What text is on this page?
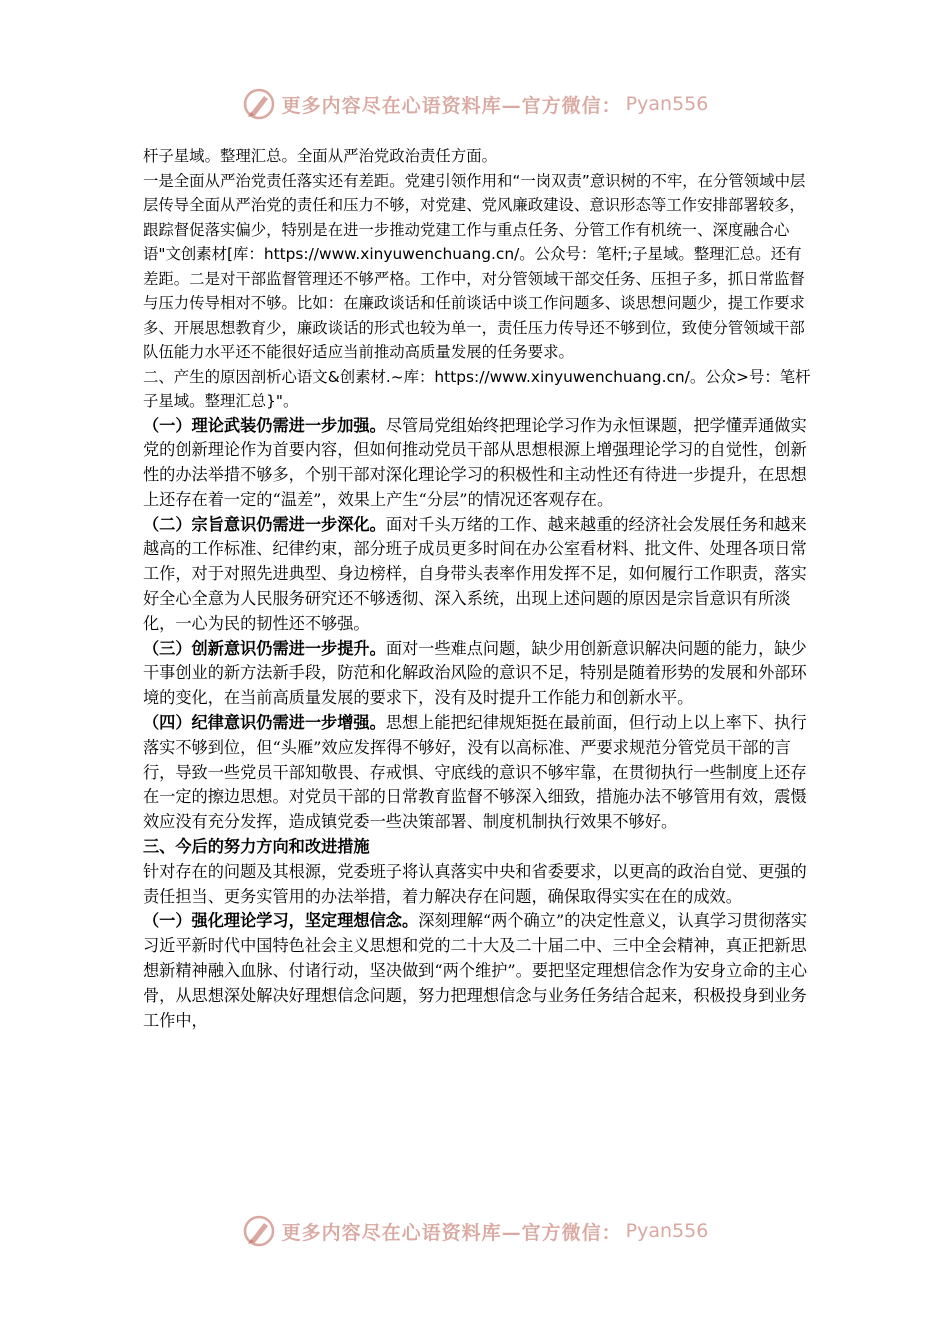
更多内容尽在心语资料库—官方微信： Pyan556

杆子星域。整理汇总。全面从严治党政治责任方面。

一是全面从严治党责任落实还有差距。党建引领作用和“一岗双责”意识树的不牢，在分管领域中层层传导全面从严治党的责任和压力不够，对党建、党风廉政建设、意识形态等工作安排部署较多，跟踪督促落实偏少，特别是在进一步推动党建工作与重点任务、分管工作有机统一、深度融合心语"文创素材[库：https://www.xinyuwenchuang.cn/。公众号：笔杆;子星域。整理汇总。还有差距。二是对干部监督管理还不够严格。工作中，对分管领域干部交任务、压担子多，抓日常监督与压力传导相对不够。比如：在廉政谈话和任前谈话中谈工作问题多、谈思想问题少，提工作要求多、开展思想教育少，廉政谈话的形式也较为单一，责任压力传导还不够到位，致使分管领域干部队伍能力水平还不能很好适应当前推动高质量发展的任务要求。

二、产生的原因剖析心语文&创素材.~库：https://www.xinyuwenchuang.cn/。公众>号：笔杆子星域。整理汇总}"。

（一）理论武装仍需进一步加强。尽管局党组始终把理论学习作为永恒课题，把学懂弄通做实党的创新理论作为首要内容，但如何推动党员干部从思想根源上增强理论学习的自觉性，创新性的办法举措不够多，个别干部对深化理论学习的积极性和主动性还有待进一步提升，在思想上还存在着一定的“温差”，效果上产生“分层”的情况还客观存在。

（二）宗旨意识仍需进一步深化。面对千头万绪的工作、越来越重的经济社会发展任务和越来越高的工作标准、纪律约束，部分班子成员更多时间在办公室看材料、批文件、处理各项日常工作，对于对照先进典型、身边榜样，自身带头表率作用发挥不足，如何履行工作职责，落实好全心全意为人民服务研究还不够透彻、深入系统，出现上述问题的原因是宗旨意识有所淡化，一心为民的韧性还不够强。

（三）创新意识仍需进一步提升。面对一些难点问题，缺少用创新意识解决问题的能力，缺少干事创业的新方法新手段，防范和化解政治风险的意识不足，特别是随着形势的发展和外部环境的变化，在当前高质量发展的要求下，没有及时提升工作能力和创新水平。

（四）纪律意识仍需进一步增强。思想上能把纪律规矩挺在最前面，但行动上以上率下、执行落实不够到位，但“头雁”效应发挥得不够好，没有以高标准、严要求规范分管党员干部的言行，导致一些党员干部知敬畏、存戒惧、守底线的意识不够牢靠，在贯彻执行一些制度上还存在一定的擦边思想。对党员干部的日常教育监督不够深入细致，措施办法不够管用有效，震慑效应没有充分发挥，造成镇党委一些决策部署、制度机制执行效果不够好。

三、今后的努力方向和改进措施

针对存在的问题及其根源，党委班子将认真落实中央和省委要求，以更高的政治自觉、更强的责任担当、更务实管用的办法举措，着力解决存在问题，确保取得实实在在的成效。

（一）强化理论学习，坚定理想信念。深刻理解“两个确立”的决定性意义，认真学习贯彻落实习近平新时代中国特色社会主义思想和党的二十大及二十届二中、三中全会精神，真正把新思想新精神融入血脉、付诸行动，坚决做到“两个维护”。要把坚定理想信念作为安身立命的主心骨，从思想深处解决好理想信念问题，努力把理想信念与业务任务结合起来，积极投身到业务工作中，

更多内容尽在心语资料库—官方微信： Pyan556
